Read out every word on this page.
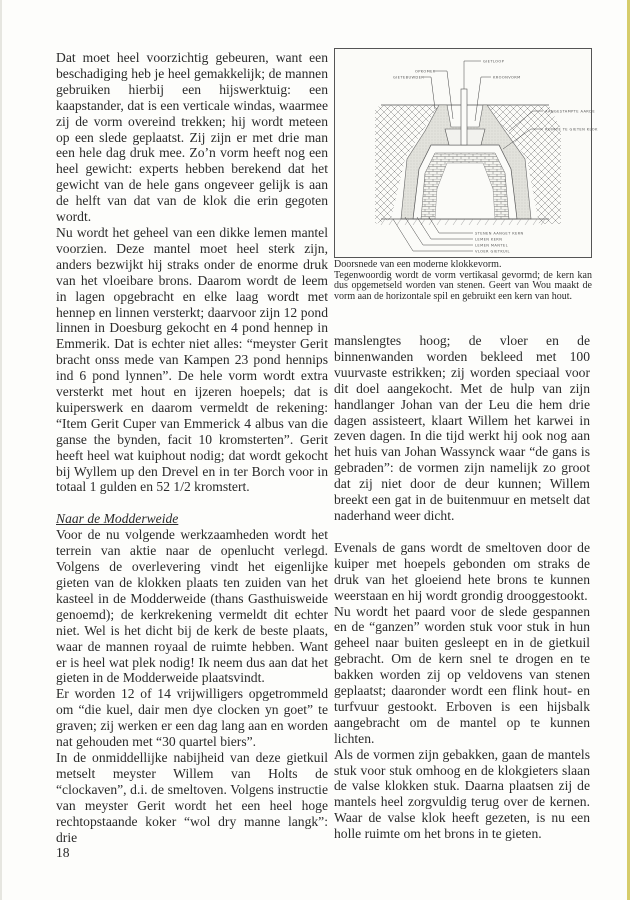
Dat moet heel voorzichtig gebeuren, want een beschadiging heb je heel gemakkelijk; de mannen gebruiken hierbij een hijswerktuig: een kaapstander, dat is een verticale windas, waarmee zij de vorm overeind trekken; hij wordt meteen op een slede geplaatst. Zij zijn er met drie man een hele dag druk mee. Zo’n vorm heeft nog een heel gewicht: experts hebben berekend dat het gewicht van de hele gans ongeveer gelijk is aan de helft van dat van de klok die erin gegoten wordt.

Nu wordt het geheel van een dikke lemen mantel voorzien. Deze mantel moet heel sterk zijn, anders bezwijkt hij straks onder de enorme druk van het vloeibare brons. Daarom wordt de leem in lagen opgebracht en elke laag wordt met hennep en linnen versterkt; daarvoor zijn 12 pond linnen in Doesburg gekocht en 4 pond hennep in Emmerik. Dat is echter niet alles: “meyster Gerit bracht onss mede van Kampen 23 pond hennips ind 6 pond lynnen”. De hele vorm wordt extra versterkt met hout en ijzeren hoepels; dat is kuiperswerk en daarom vermeldt de rekening: “Item Gerit Cuper van Emmerick 4 albus van die ganse the bynden, facit 10 kromsterten”. Gerit heeft heel wat kuiphout nodig; dat wordt gekocht bij Wyllem up den Drevel en in ter Borch voor in totaal 1 gulden en 52 1/2 kromstert.

Naar de Modderweide

Voor de nu volgende werkzaamheden wordt het terrein van aktie naar de openlucht verlegd. Volgens de overlevering vindt het eigenlijke gieten van de klokken plaats ten zuiden van het kasteel in de Modderweide (thans Gasthuisweide genoemd); de kerkrekening vermeldt dit echter niet. Wel is het dicht bij de kerk de beste plaats, waar de mannen royaal de ruimte hebben. Want er is heel wat plek nodig! Ik neem dus aan dat het gieten in de Modderweide plaatsvindt.

Er worden 12 of 14 vrijwilligers opgetrommeld om “die kuel, dair men dye clocken yn goet” te graven; zij werken er een dag lang aan en worden nat gehouden met “30 quartel biers”.

In de onmiddellijke nabijheid van deze gietkuil metselt meyster Willem van Holts de “clockaven”, d.i. de smeltoven. Volgens instructie van meyster Gerit wordt het een heel hoge rechtopstaande koker “wol dry manne langk”: drie

18

GIETLOOP
OPKOMER
KROONVORM
GIETEBUWDER
AANGESTAMPTE AARDE
RUIMTE TE GIETEN KLOK
STENEN AANGET KERN
LEMEN KERN
LEMEN MANTEL
VLOER GIETKUIL

Doorsnede van een moderne klokkevorm.

Tegenwoordig wordt de vorm vertikasal gevormd; de kern kan dus opgemetseld worden van stenen. Geert van Wou maakt de vorm aan de horizontale spil en gebruikt een kern van hout.

manslengtes hoog; de vloer en de binnenwanden worden bekleed met 100 vuurvaste estrikken; zij worden speciaal voor dit doel aangekocht. Met de hulp van zijn handlanger Johan van der Leu die hem drie dagen assisteert, klaart Willem het karwei in zeven dagen. In die tijd werkt hij ook nog aan het huis van Johan Wassynck waar “de gans is gebraden”: de vormen zijn namelijk zo groot dat zij niet door de deur kunnen; Willem breekt een gat in de buitenmuur en metselt dat naderhand weer dicht.

Evenals de gans wordt de smeltoven door de kuiper met hoepels gebonden om straks de druk van het gloeiend hete brons te kunnen weerstaan en hij wordt grondig drooggestookt.

Nu wordt het paard voor de slede gespannen en de “ganzen” worden stuk voor stuk in hun geheel naar buiten gesleept en in de gietkuil gebracht. Om de kern snel te drogen en te bakken worden zij op veldovens van stenen geplaatst; daaronder wordt een flink hout- en turfvuur gestookt. Erboven is een hijsbalk aangebracht om de mantel op te kunnen lichten.

Als de vormen zijn gebakken, gaan de mantels stuk voor stuk omhoog en de klokgieters slaan de valse klokken stuk. Daarna plaatsen zij de mantels heel zorgvuldig terug over de kernen. Waar de valse klok heeft gezeten, is nu een holle ruimte om het brons in te gieten.
